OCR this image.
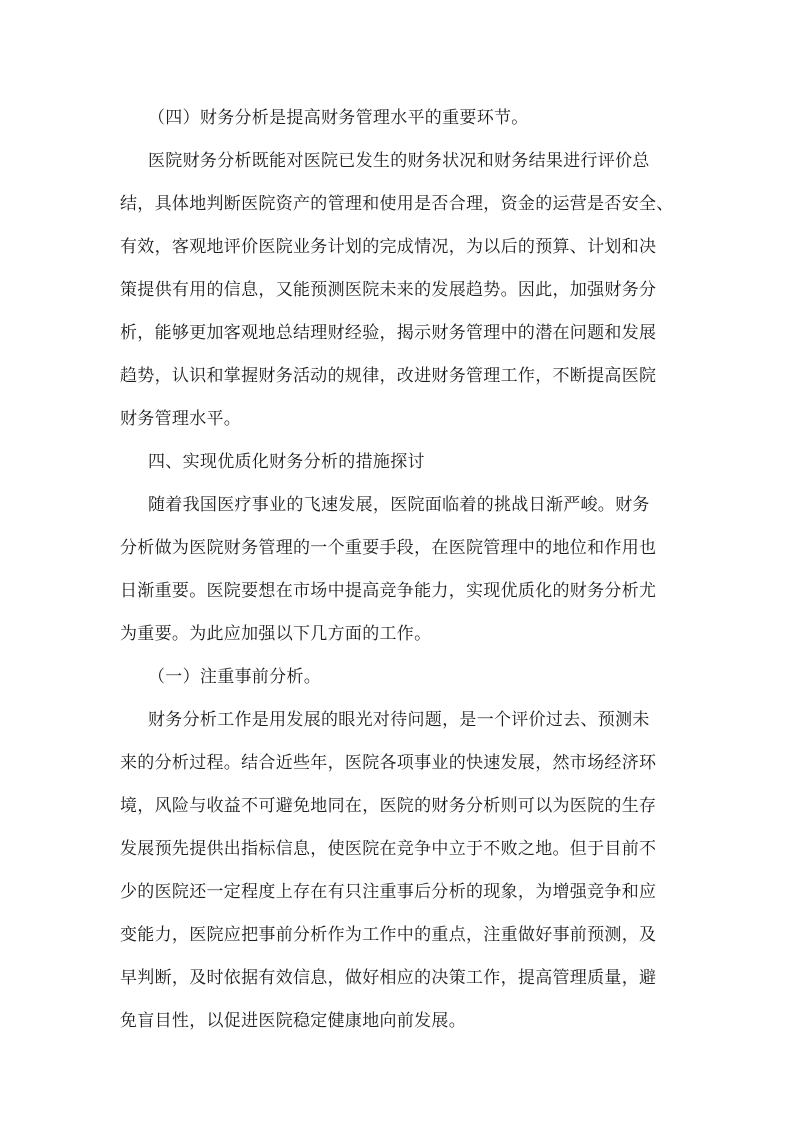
（四）财务分析是提高财务管理水平的重要环节。
医院财务分析既能对医院已发生的财务状况和财务结果进行评价总
结，具体地判断医院资产的管理和使用是否合理，资金的运营是否安全、
有效，客观地评价医院业务计划的完成情况，为以后的预算、计划和决
策提供有用的信息，又能预测医院未来的发展趋势。因此，加强财务分
析，能够更加客观地总结理财经验，揭示财务管理中的潜在问题和发展
趋势，认识和掌握财务活动的规律，改进财务管理工作，不断提高医院
财务管理水平。
四、实现优质化财务分析的措施探讨
随着我国医疗事业的飞速发展，医院面临着的挑战日渐严峻。财务
分析做为医院财务管理的一个重要手段，在医院管理中的地位和作用也
日渐重要。医院要想在市场中提高竞争能力，实现优质化的财务分析尤
为重要。为此应加强以下几方面的工作。
（一）注重事前分析。
财务分析工作是用发展的眼光对待问题，是一个评价过去、预测未
来的分析过程。结合近些年，医院各项事业的快速发展，然市场经济环
境，风险与收益不可避免地同在，医院的财务分析则可以为医院的生存
发展预先提供出指标信息，使医院在竞争中立于不败之地。但于目前不
少的医院还一定程度上存在有只注重事后分析的现象，为增强竞争和应
变能力，医院应把事前分析作为工作中的重点，注重做好事前预测，及
早判断，及时依据有效信息，做好相应的决策工作，提高管理质量，避
免盲目性，以促进医院稳定健康地向前发展。
